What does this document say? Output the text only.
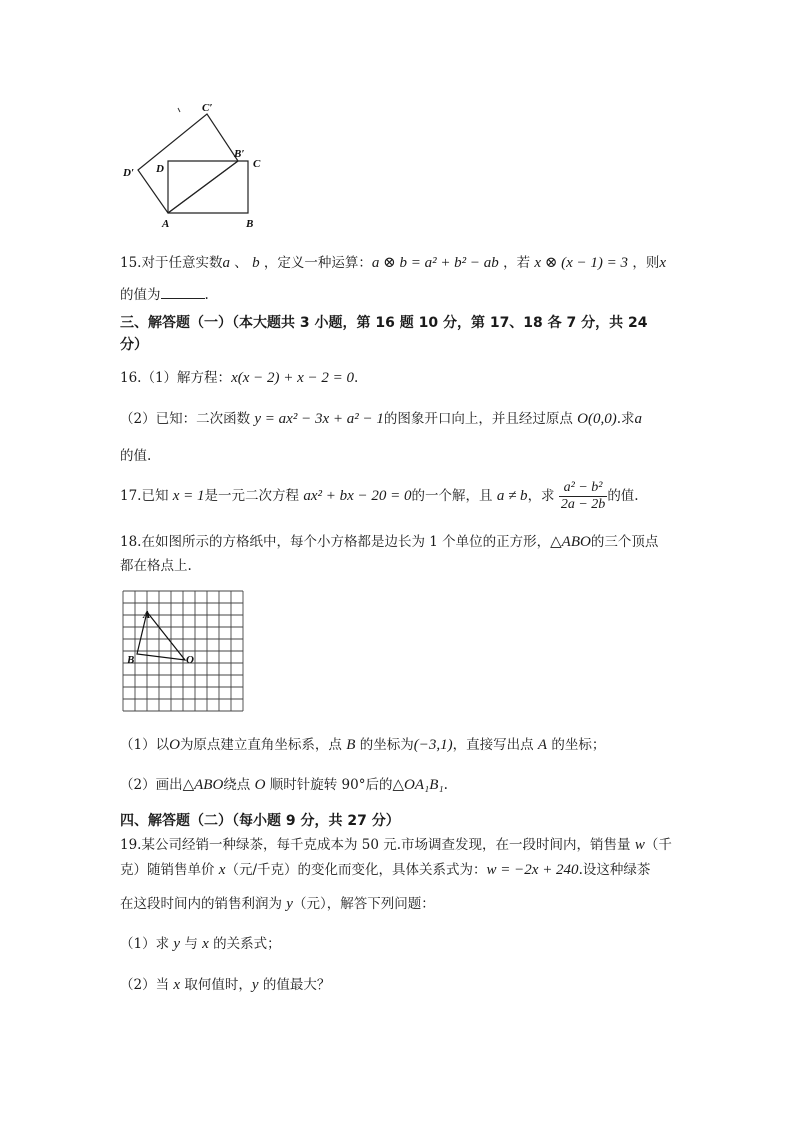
C′
B′
C
D
D′
A	B
15.对于任意实数a 、 b ，定义一种运算：a ⊗ b = a² + b² − ab ，若 x ⊗ (x − 1) = 3 ，则x
的值为	.
三、解答题（一）（本大题共 3 小题，第 16 题 10 分，第 17、18 各 7 分，共 24
分）
16.（1）解方程：x(x − 2) + x − 2 = 0.
（2）已知：二次函数 y = ax² − 3x + a² − 1的图象开口向上，并且经过原点 O(0,0).求a
的值.
17.已知 x = 1是一元二次方程 ax² + bx − 20 = 0的一个解，且 a ≠ b，求 $\frac{\text{a² − b²}}{2a - 2b}$ 的值.
18.在如图所示的方格纸中，每个小方格都是边长为 1 个单位的正方形，△ABO的三个顶点
都在格点上.
A
B	O
（1）以O为原点建立直角坐标系，点 B 的坐标为(−3,1)，直接写出点 A 的坐标；
（2）画出△ABO绕点 O 顺时针旋转 90°后的△OA₁B₁.
四、解答题（二）（每小题 9 分，共 27 分）
19.某公司经销一种绿茶，每千克成本为 50 元.市场调查发现，在一段时间内，销售量 w（千
克）随销售单价 x（元/千克）的变化而变化，具体关系式为：w = −2x + 240.设这种绿茶
在这段时间内的销售利润为 y（元），解答下列问题：
（1）求 y 与 x 的关系式；
（2）当 x 取何值时，y 的值最大？
